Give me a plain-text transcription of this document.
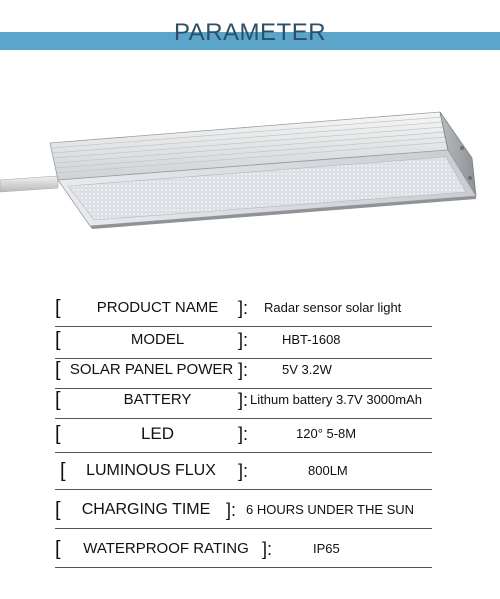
PARAMETER
[	PRODUCT NAME	]: Radar sensor solar light
[	MODEL	]:	HBT-1608
[ SOLAR PANEL POWER ]:	5V 3.2W
[	BATTERY	]: Lithum battery 3.7V 3000mAh
[	LED	]:	120° 5-8M
[	LUMINOUS FLUX	]:	800LM
[	CHARGING TIME ]: 6 HOURS UNDER THE SUN
[	WATERPROOF RATING ]:	IP65
